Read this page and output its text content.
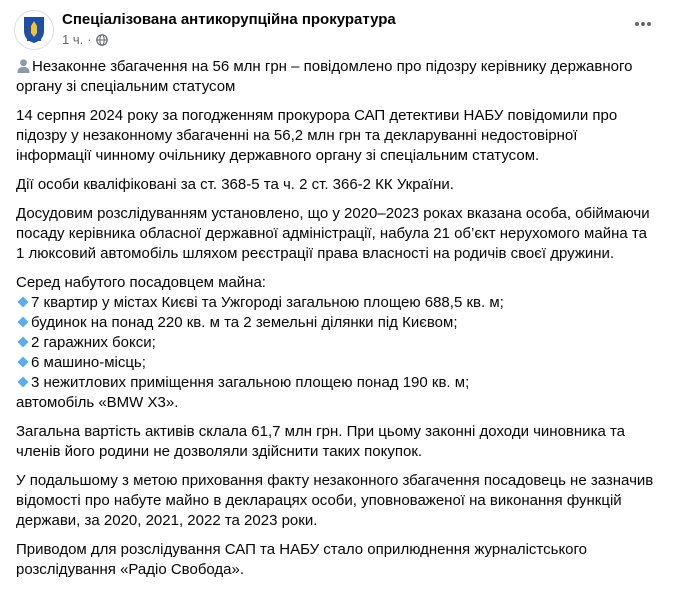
Спеціалізована антикорупційна прокуратура
1 ч. ·

Незаконне збагачення на 56 млн грн – повідомлено про підозру керівнику державного органу зі спеціальним статусом

14 серпня 2024 року за погодженням прокурора САП детективи НАБУ повідомили про підозру у незаконному збагаченні на 56,2 млн грн та декларуванні недостовірної інформації чинному очільнику державного органу зі спеціальним статусом.

Дії особи кваліфіковані за ст. 368-5 та ч. 2 ст. 366-2 КК України.

Досудовим розслідуванням установлено, що у 2020–2023 роках вказана особа, обіймаючи посаду керівника обласної державної адміністрації, набула 21 об’єкт нерухомого майна та 1 люксовий автомобіль шляхом реєстрації права власності на родичів своєї дружини.

Серед набутого посадовцем майна:
7 квартир у містах Києві та Ужгороді загальною площею 688,5 кв. м;
будинок на понад 220 кв. м та 2 земельні ділянки під Києвом;
2 гаражних бокси;
6 машино-місць;
3 нежитлових приміщення загальною площею понад 190 кв. м;
автомобіль «BMW X3».

Загальна вартість активів склала 61,7 млн грн. При цьому законні доходи чиновника та членів його родини не дозволяли здійснити таких покупок.

У подальшому з метою приховання факту незаконного збагачення посадовець не зазначив відомості про набуте майно в декларацях особи, уповноваженої на виконання функцій держави, за 2020, 2021, 2022 та 2023 роки.

Приводом для розслідування САП та НАБУ стало оприлюднення журналістського розслідування «Радіо Свобода».
